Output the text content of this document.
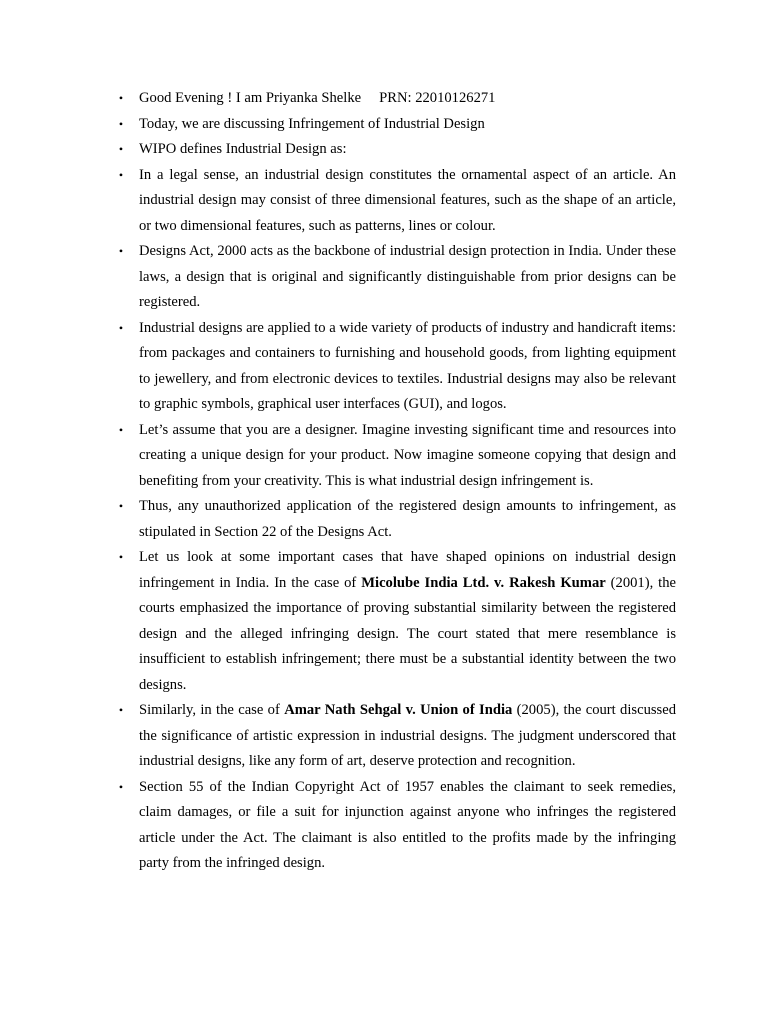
• Good Evening ! I am Priyanka Shelke PRN: 22010126271
• Today, we are discussing Infringement of Industrial Design
• WIPO defines Industrial Design as:
• In a legal sense, an industrial design constitutes the ornamental aspect of an article. An industrial design may consist of three dimensional features, such as the shape of an article, or two dimensional features, such as patterns, lines or colour.
• Designs Act, 2000 acts as the backbone of industrial design protection in India. Under these laws, a design that is original and significantly distinguishable from prior designs can be registered.
• Industrial designs are applied to a wide variety of products of industry and handicraft items: from packages and containers to furnishing and household goods, from lighting equipment to jewellery, and from electronic devices to textiles. Industrial designs may also be relevant to graphic symbols, graphical user interfaces (GUI), and logos.
• Let’s assume that you are a designer. Imagine investing significant time and resources into creating a unique design for your product. Now imagine someone copying that design and benefiting from your creativity. This is what industrial design infringement is.
• Thus, any unauthorized application of the registered design amounts to infringement, as stipulated in Section 22 of the Designs Act.
• Let us look at some important cases that have shaped opinions on industrial design infringement in India. In the case of Micolube India Ltd. v. Rakesh Kumar (2001), the courts emphasized the importance of proving substantial similarity between the registered design and the alleged infringing design. The court stated that mere resemblance is insufficient to establish infringement; there must be a substantial identity between the two designs.
• Similarly, in the case of Amar Nath Sehgal v. Union of India (2005), the court discussed the significance of artistic expression in industrial designs. The judgment underscored that industrial designs, like any form of art, deserve protection and recognition.
• Section 55 of the Indian Copyright Act of 1957 enables the claimant to seek remedies, claim damages, or file a suit for injunction against anyone who infringes the registered article under the Act. The claimant is also entitled to the profits made by the infringing party from the infringed design.
